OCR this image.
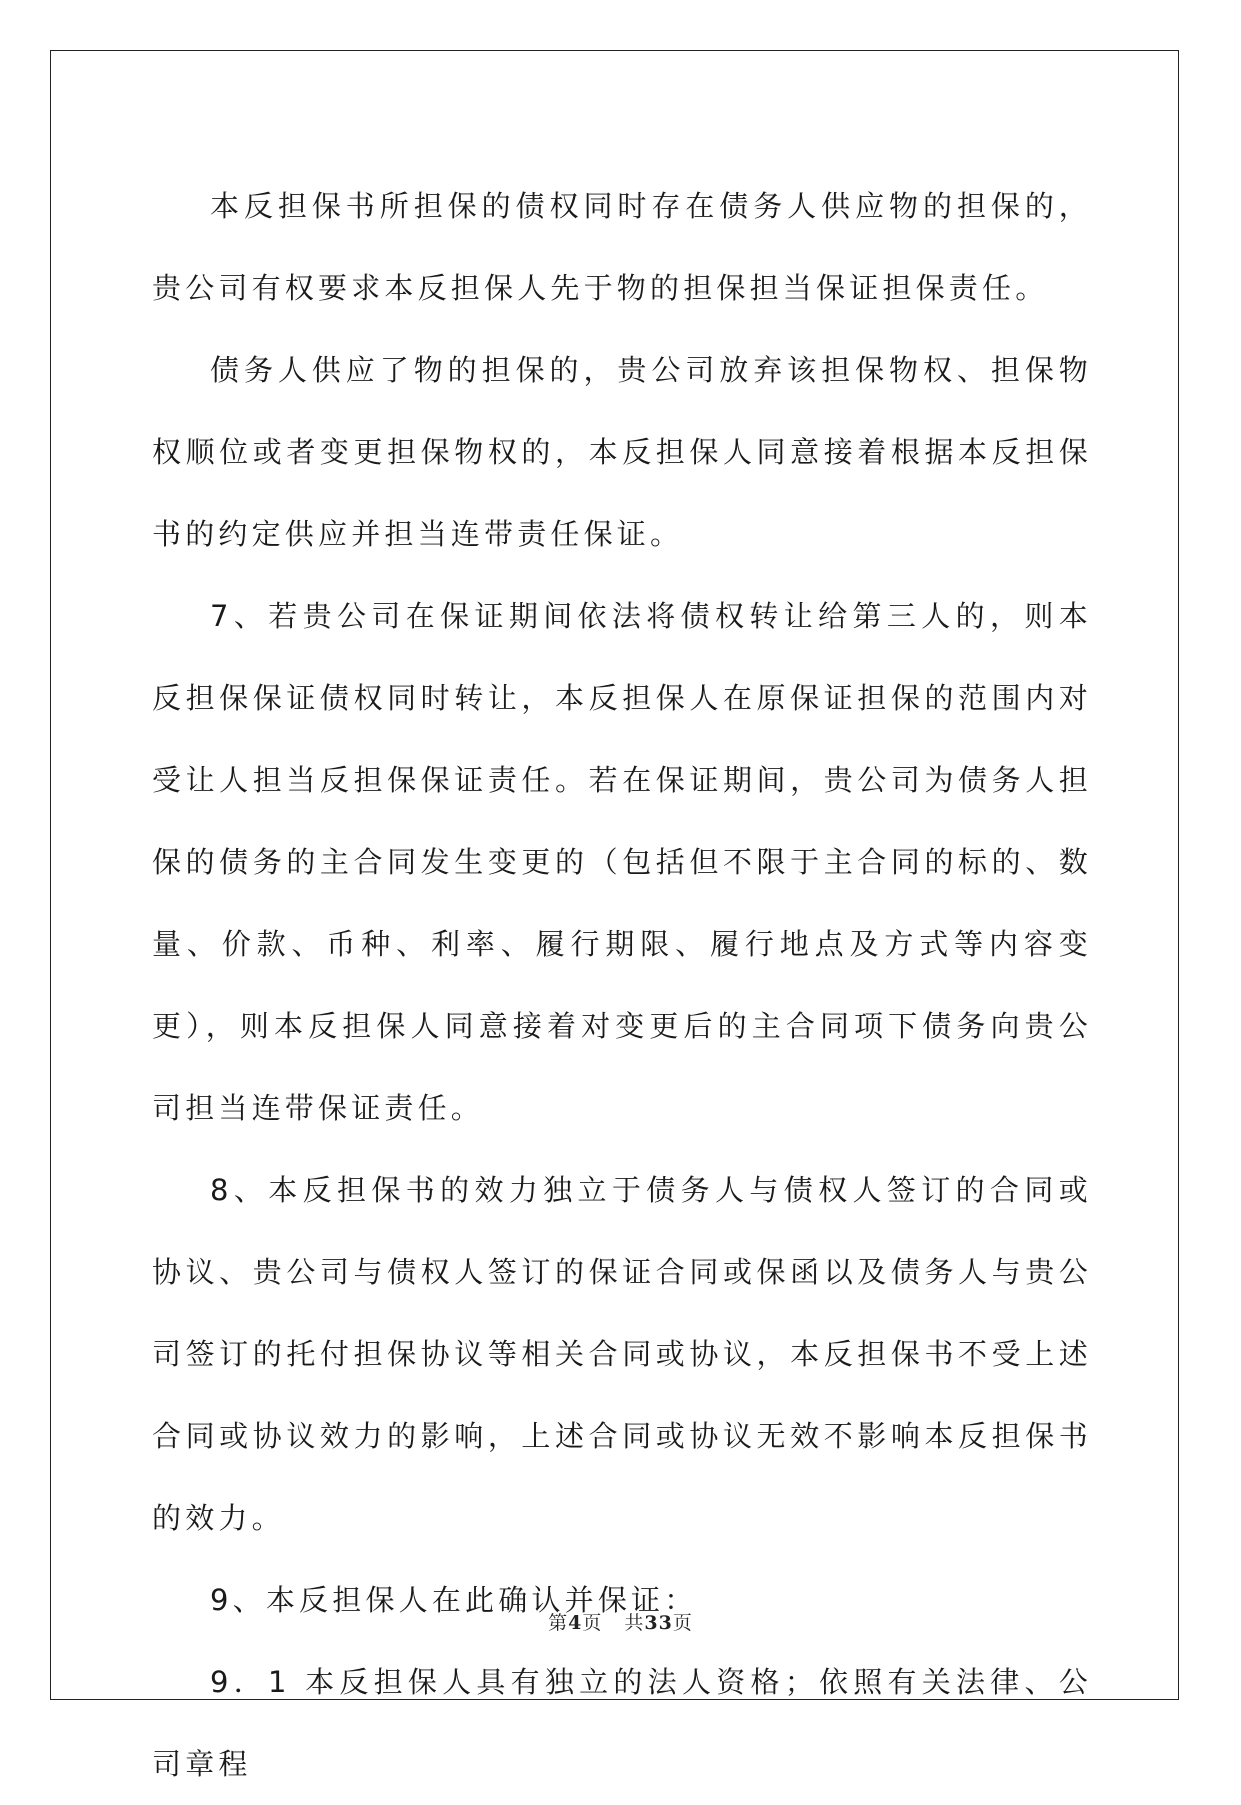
本反担保书所担保的债权同时存在债务人供应物的担保的，贵公司有权要求本反担保人先于物的担保担当保证担保责任。

债务人供应了物的担保的，贵公司放弃该担保物权、担保物权顺位或者变更担保物权的，本反担保人同意接着根据本反担保书的约定供应并担当连带责任保证。

7、若贵公司在保证期间依法将债权转让给第三人的，则本反担保保证债权同时转让，本反担保人在原保证担保的范围内对受让人担当反担保保证责任。若在保证期间，贵公司为债务人担保的债务的主合同发生变更的（包括但不限于主合同的标的、数量、价款、币种、利率、履行期限、履行地点及方式等内容变更），则本反担保人同意接着对变更后的主合同项下债务向贵公司担当连带保证责任。

8、本反担保书的效力独立于债务人与债权人签订的合同或协议、贵公司与债权人签订的保证合同或保函以及债务人与贵公司签订的托付担保协议等相关合同或协议，本反担保书不受上述合同或协议效力的影响，上述合同或协议无效不影响本反担保书的效力。

9、本反担保人在此确认并保证：

9．1 本反担保人具有独立的法人资格；依照有关法律、公司章程

第4页 共33页
